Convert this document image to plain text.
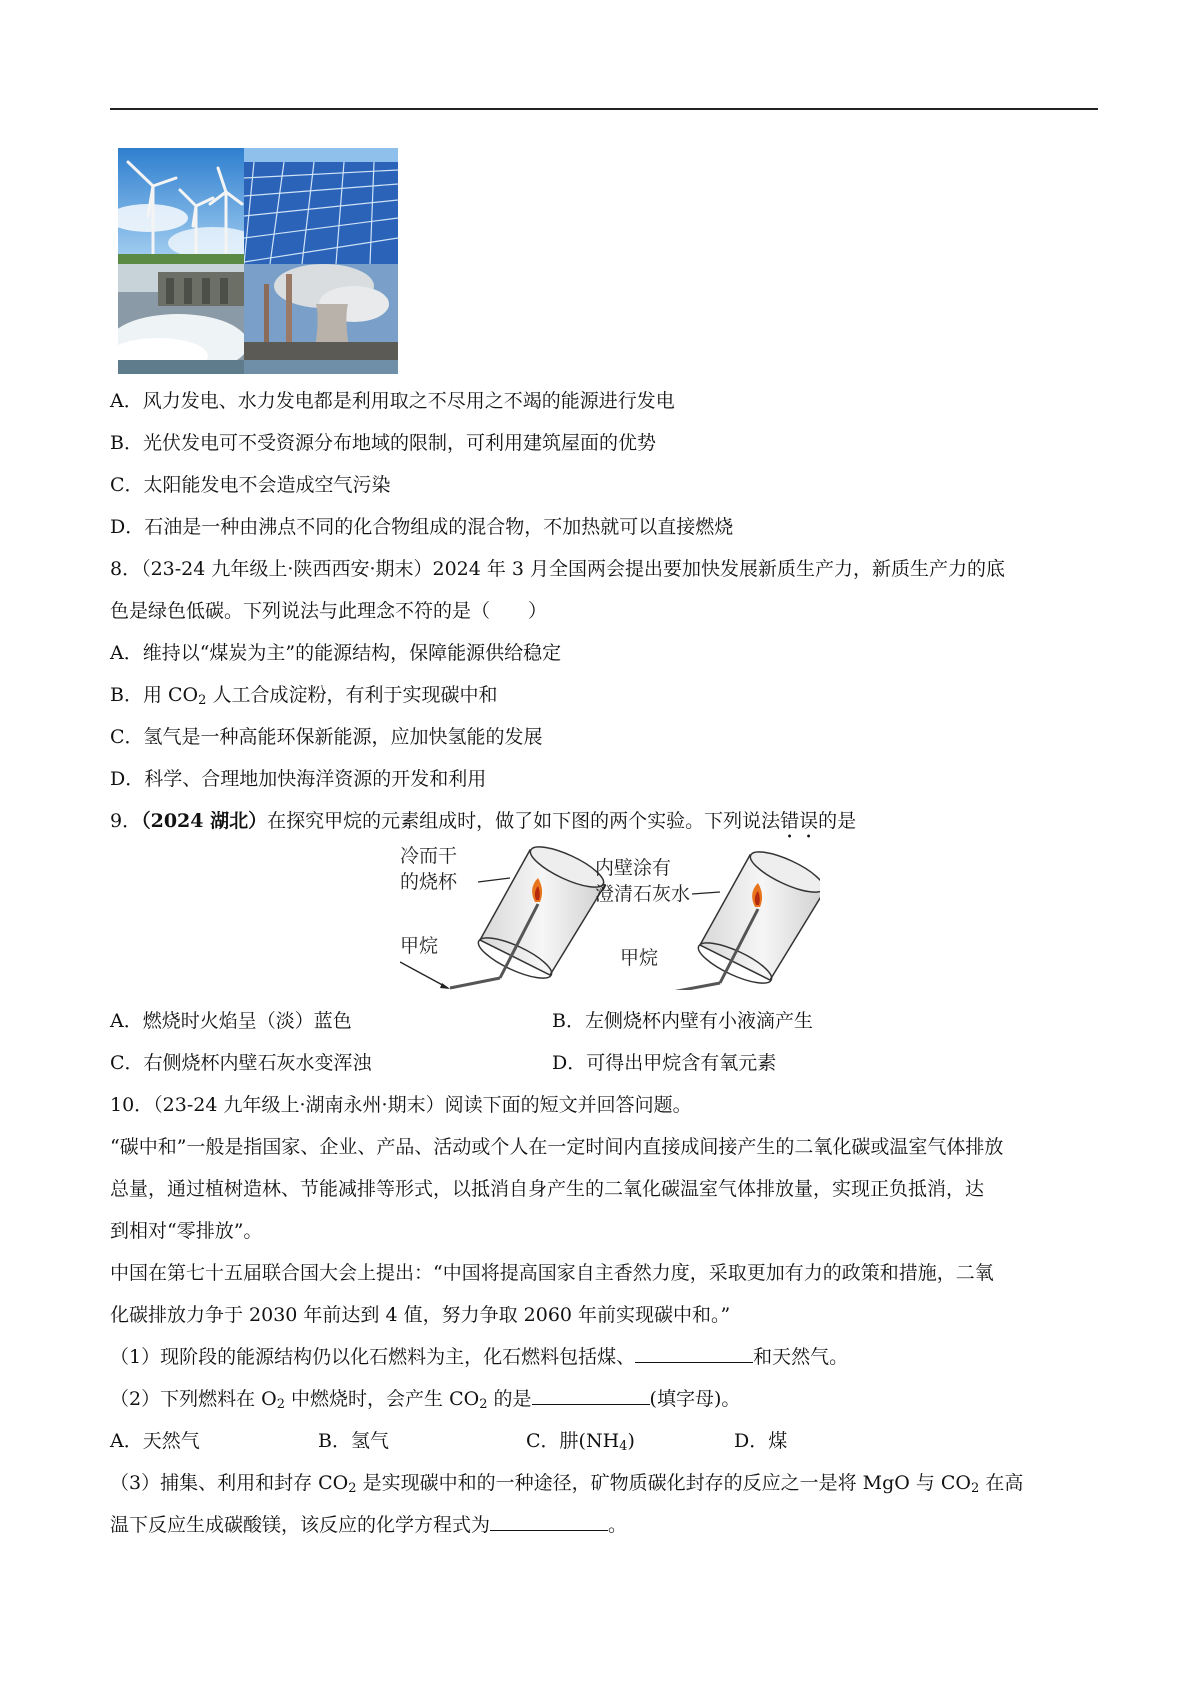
A．风力发电、水力发电都是利用取之不尽用之不竭的能源进行发电
B．光伏发电可不受资源分布地域的限制，可利用建筑屋面的优势
C．太阳能发电不会造成空气污染
D．石油是一种由沸点不同的化合物组成的混合物，不加热就可以直接燃烧
8．（23-24 九年级上·陕西西安·期末）2024 年 3 月全国两会提出要加快发展新质生产力，新质生产力的底
色是绿色低碳。下列说法与此理念不符的是（　　）
A．维持以“煤炭为主”的能源结构，保障能源供给稳定
B．用 $CO_2$ 人工合成淀粉，有利于实现碳中和
C．氢气是一种高能环保新能源，应加快氢能的发展
D．科学、合理地加快海洋资源的开发和利用
9．（2024 湖北）在探究甲烷的元素组成时，做了如下图的两个实验。下列说法错误的是
冷而干
的烧杯
甲烷
内壁涂有
澄清石灰水
甲烷
A．燃烧时火焰呈（淡）蓝色	B．左侧烧杯内壁有小液滴产生
C．右侧烧杯内壁石灰水变浑浊	D．可得出甲烷含有氧元素
10．（23-24 九年级上·湖南永州·期末）阅读下面的短文并回答问题。
“碳中和”一般是指国家、企业、产品、活动或个人在一定时间内直接成间接产生的二氧化碳或温室气体排放
总量，通过植树造林、节能减排等形式，以抵消自身产生的二氧化碳温室气体排放量，实现正负抵消，达
到相对“零排放”。
中国在第七十五届联合国大会上提出：“中国将提高国家自主香然力度，采取更加有力的政策和措施，二氧
化碳排放力争于 2030 年前达到 4 值，努力争取 2060 年前实现碳中和。”
（1）现阶段的能源结构仍以化石燃料为主，化石燃料包括煤、	和天然气。
（2）下列燃料在 $O_2$ 中燃烧时，会产生 $CO_2$ 的是	(填字母)。
A．天然气	B．氢气	C．肼$(NH_4)$	D．煤
（3）捕集、利用和封存 $CO_2$ 是实现碳中和的一种途径，矿物质碳化封存的反应之一是将 MgO 与 $CO_2$ 在高
温下反应生成碳酸镁，该反应的化学方程式为	。
